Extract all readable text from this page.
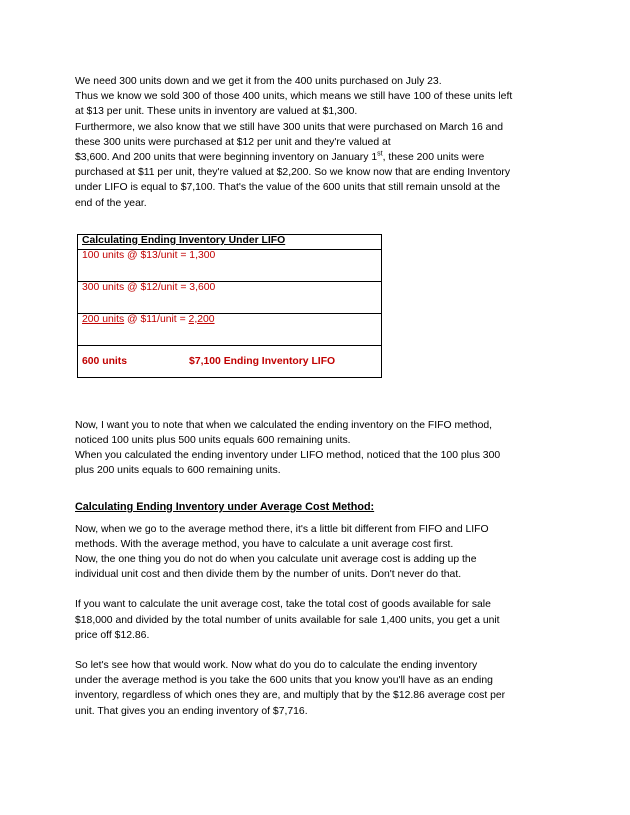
We need 300 units down and we get it from the 400 units purchased on July 23.
Thus we know we sold 300 of those 400 units, which means we still have 100 of these units left
at $13 per unit. These units in inventory are valued at $1,300.
Furthermore, we also know that we still have 300 units that were purchased on March 16 and
these 300 units were purchased at $12 per unit and they're valued at
$3,600. And 200 units that were beginning inventory on January 1st, these 200 units were
purchased at $11 per unit, they're valued at $2,200. So we know now that are ending Inventory
under LIFO is equal to $7,100. That's the value of the 600 units that still remain unsold at the
end of the year.

Calculating Ending Inventory Under LIFO
100 units @ $13/unit = 1,300
300 units @ $12/unit = 3,600
200 units @ $11/unit = 2,200
600 units	$7,100 Ending Inventory LIFO

Now, I want you to note that when we calculated the ending inventory on the FIFO method,
noticed 100 units plus 500 units equals 600 remaining units.
When you calculated the ending inventory under LIFO method, noticed that the 100 plus 300
plus 200 units equals to 600 remaining units.

Calculating Ending Inventory under Average Cost Method:

Now, when we go to the average method there, it's a little bit different from FIFO and LIFO
methods. With the average method, you have to calculate a unit average cost first.
Now, the one thing you do not do when you calculate unit average cost is adding up the
individual unit cost and then divide them by the number of units. Don't never do that.

If you want to calculate the unit average cost, take the total cost of goods available for sale
$18,000 and divided by the total number of units available for sale 1,400 units, you get a unit
price off $12.86.

So let's see how that would work. Now what do you do to calculate the ending inventory
under the average method is you take the 600 units that you know you'll have as an ending
inventory, regardless of which ones they are, and multiply that by the $12.86 average cost per
unit. That gives you an ending inventory of $7,716.
